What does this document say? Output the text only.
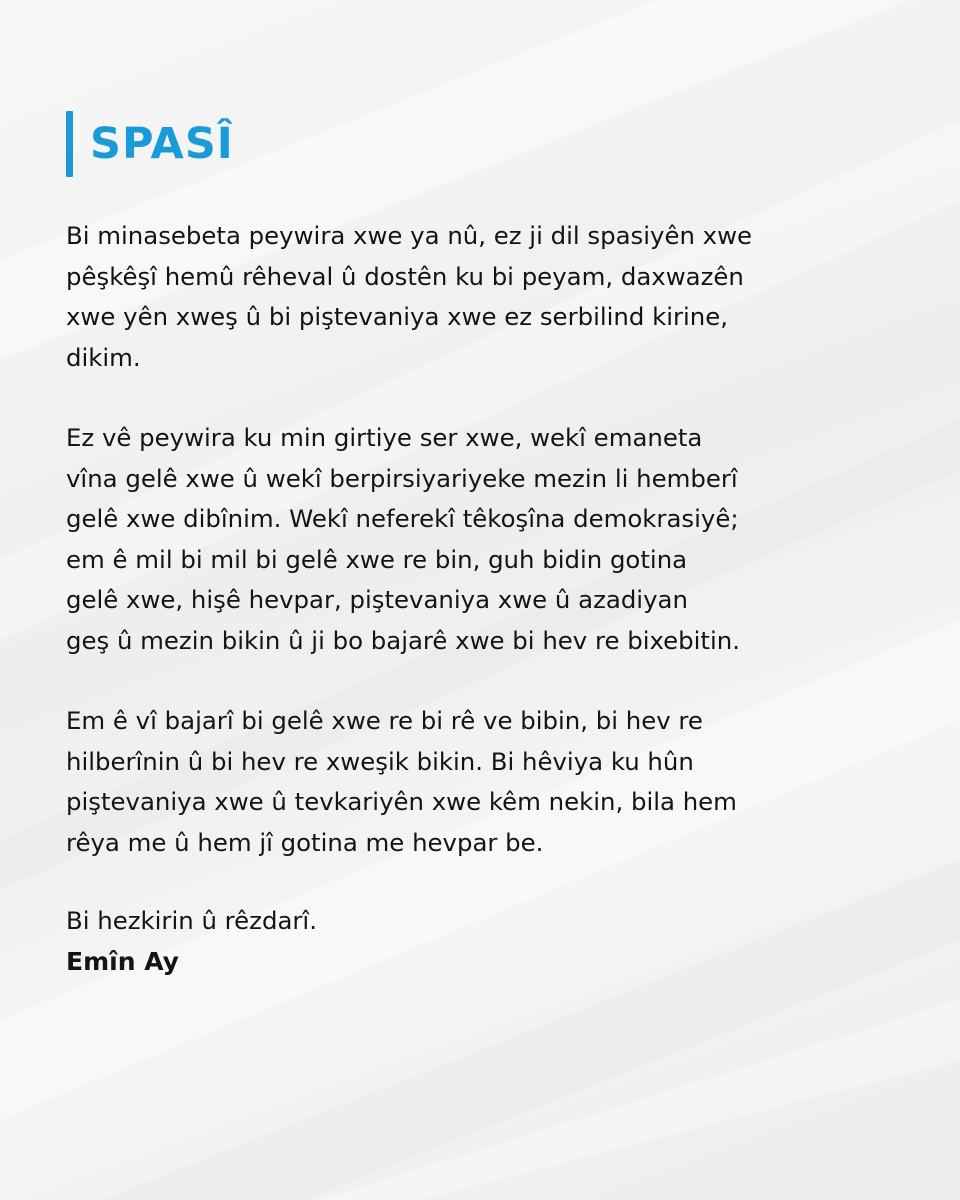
SPASÎ

Bi minasebeta peywira xwe ya nû, ez ji dil spasiyên xwe
pêşkêşî hemû rêheval û dostên ku bi peyam, daxwazên
xwe yên xweş û bi piştevaniya xwe ez serbilind kirine,
dikim.

Ez vê peywira ku min girtiye ser xwe, wekî emaneta
vîna gelê xwe û wekî berpirsiyariyeke mezin li hemberî
gelê xwe dibînim. Wekî neferekî têkoşîna demokrasiyê;
em ê mil bi mil bi gelê xwe re bin, guh bidin gotina
gelê xwe, hişê hevpar, piştevaniya xwe û azadiyan
geş û mezin bikin û ji bo bajarê xwe bi hev re bixebitin.

Em ê vî bajarî bi gelê xwe re bi rê ve bibin, bi hev re
hilberînin û bi hev re xweşik bikin. Bi hêviya ku hûn
piştevaniya xwe û tevkariyên xwe kêm nekin, bila hem
rêya me û hem jî gotina me hevpar be.

Bi hezkirin û rêzdarî.
Emîn Ay
